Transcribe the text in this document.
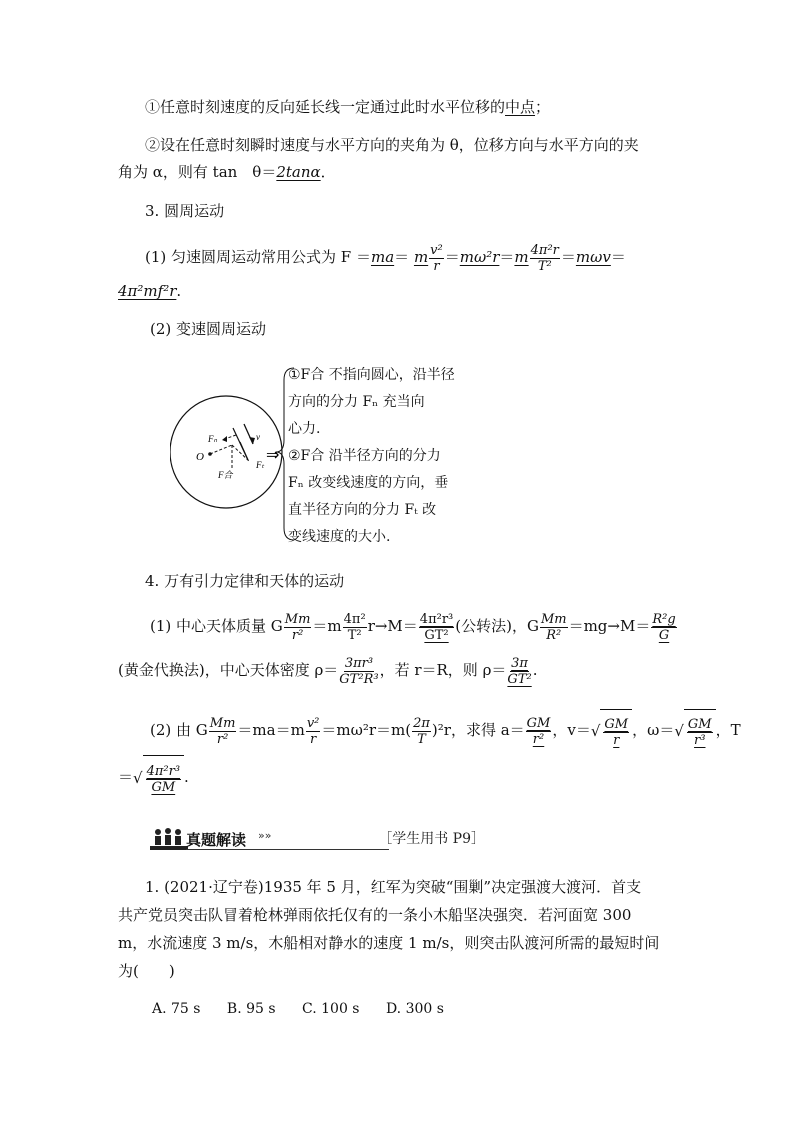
①任意时刻速度的反向延长线一定通过此时水平位移的中点；
②设在任意时刻瞬时速度与水平方向的夹角为 θ，位移方向与水平方向的夹
角为 α，则有 tan　θ＝2tanα．
3. 圆周运动
(1) 匀速圆周运动常用公式为 F ＝ma＝ m $\frac{\text{v²}}{r} =m\omega^2r=m \frac{\text{4π²r}}{\text{T²}} =m\omega v=$
4π²mf²r.
(2) 变速圆周运动
O
Fₙ	v
Fₜ
F合
⇒
①F合 不指向圆心，沿半径
方向的分力 Fₙ 充当向
心力.
②F合 沿半径方向的分力
Fₙ 改变线速度的方向，垂
直半径方向的分力 Fₜ 改
变线速度的大小.
4. 万有引力定律和天体的运动
(1) 中心天体质量 G $\frac{Mm}{\text{r²}} =m \frac{\text{4π²}}{\text{T²}} r\to M= \frac{\text{4π²r³}}{\text{GT²}}$ (公转法)，G $\frac{Mm}{\text{R²}} =mg\to M= \frac{\text{R²g}}{G}$
(黄金代换法)，中心天体密度 $\rho= \frac{\text{3πr³}}{\text{GT²R³}}$ ，若 r＝R，则 $\rho= \frac{3\pi}{\text{GT²}}$ .
(2) 由 G $\frac{Mm}{\text{r²}} =ma=m \frac{\text{v²}}{r} =m\omega^2r=m( \frac{2\pi}{T} )^2r$，求得 $a= \frac{GM}{\text{r²}}$ ，$v=√ \frac{GM}{r}$ ，$\omega=√ \frac{GM}{\text{r³}}$ ，T
＝√ $\frac{\text{4π²r³}}{GM}$ .
真题解读 »»	［学生用书 P9］
1. (2021·辽宁卷)1935 年 5 月，红军为突破“围剿”决定强渡大渡河．首支
共产党员突击队冒着枪林弹雨依托仅有的一条小木船坚决强突．若河面宽 300
m，水流速度 3 m/s，木船相对静水的速度 1 m/s，则突击队渡河所需的最短时间
为(　　)
A. 75 s B. 95 s C. 100 s D. 300 s
